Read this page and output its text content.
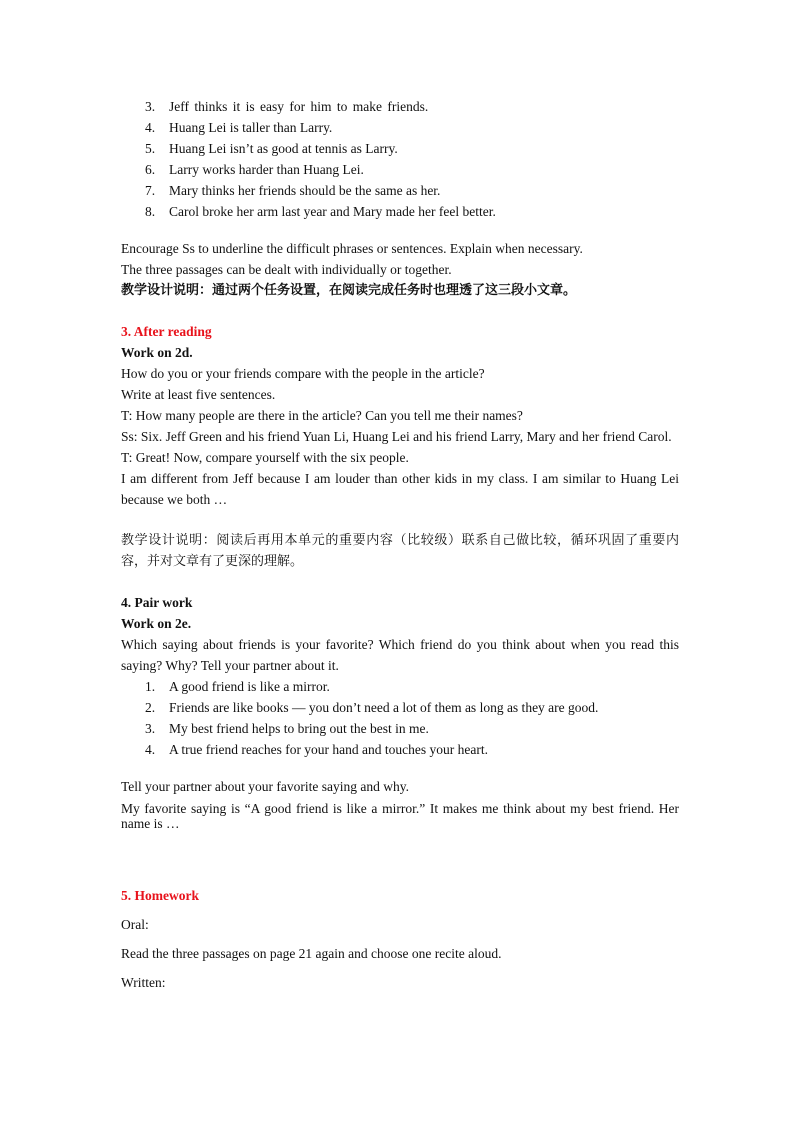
3.	Jeff thinks it is easy for him to make friends.
4.	Huang Lei is taller than Larry.
5.	Huang Lei isn’t as good at tennis as Larry.
6.	Larry works harder than Huang Lei.
7.	Mary thinks her friends should be the same as her.
8.	Carol broke her arm last year and Mary made her feel better.

Encourage Ss to underline the difficult phrases or sentences. Explain when necessary.

The three passages can be dealt with individually or together.

教学设计说明：通过两个任务设置，在阅读完成任务时也理透了这三段小文章。

3. After reading

Work on 2d.

How do you or your friends compare with the people in the article?

Write at least five sentences.

T: How many people are there in the article? Can you tell me their names?

Ss: Six. Jeff Green and his friend Yuan Li, Huang Lei and his friend Larry, Mary and her friend Carol.

T: Great! Now, compare yourself with the six people.

I am different from Jeff because I am louder than other kids in my class. I am similar to Huang Lei because we both …

教学设计说明：阅读后再用本单元的重要内容（比较级）联系自己做比较，循环巩固了重要内容，并对文章有了更深的理解。

4. Pair work

Work on 2e.

Which saying about friends is your favorite? Which friend do you think about when you read this saying? Why? Tell your partner about it.

1.	A good friend is like a mirror.
2.	Friends are like books — you don’t need a lot of them as long as they are good.
3.	My best friend helps to bring out the best in me.
4.	A true friend reaches for your hand and touches your heart.

Tell your partner about your favorite saying and why.

My favorite saying is “A good friend is like a mirror.” It makes me think about my best friend. Her name is …

5. Homework

Oral:

Read the three passages on page 21 again and choose one recite aloud.

Written:
